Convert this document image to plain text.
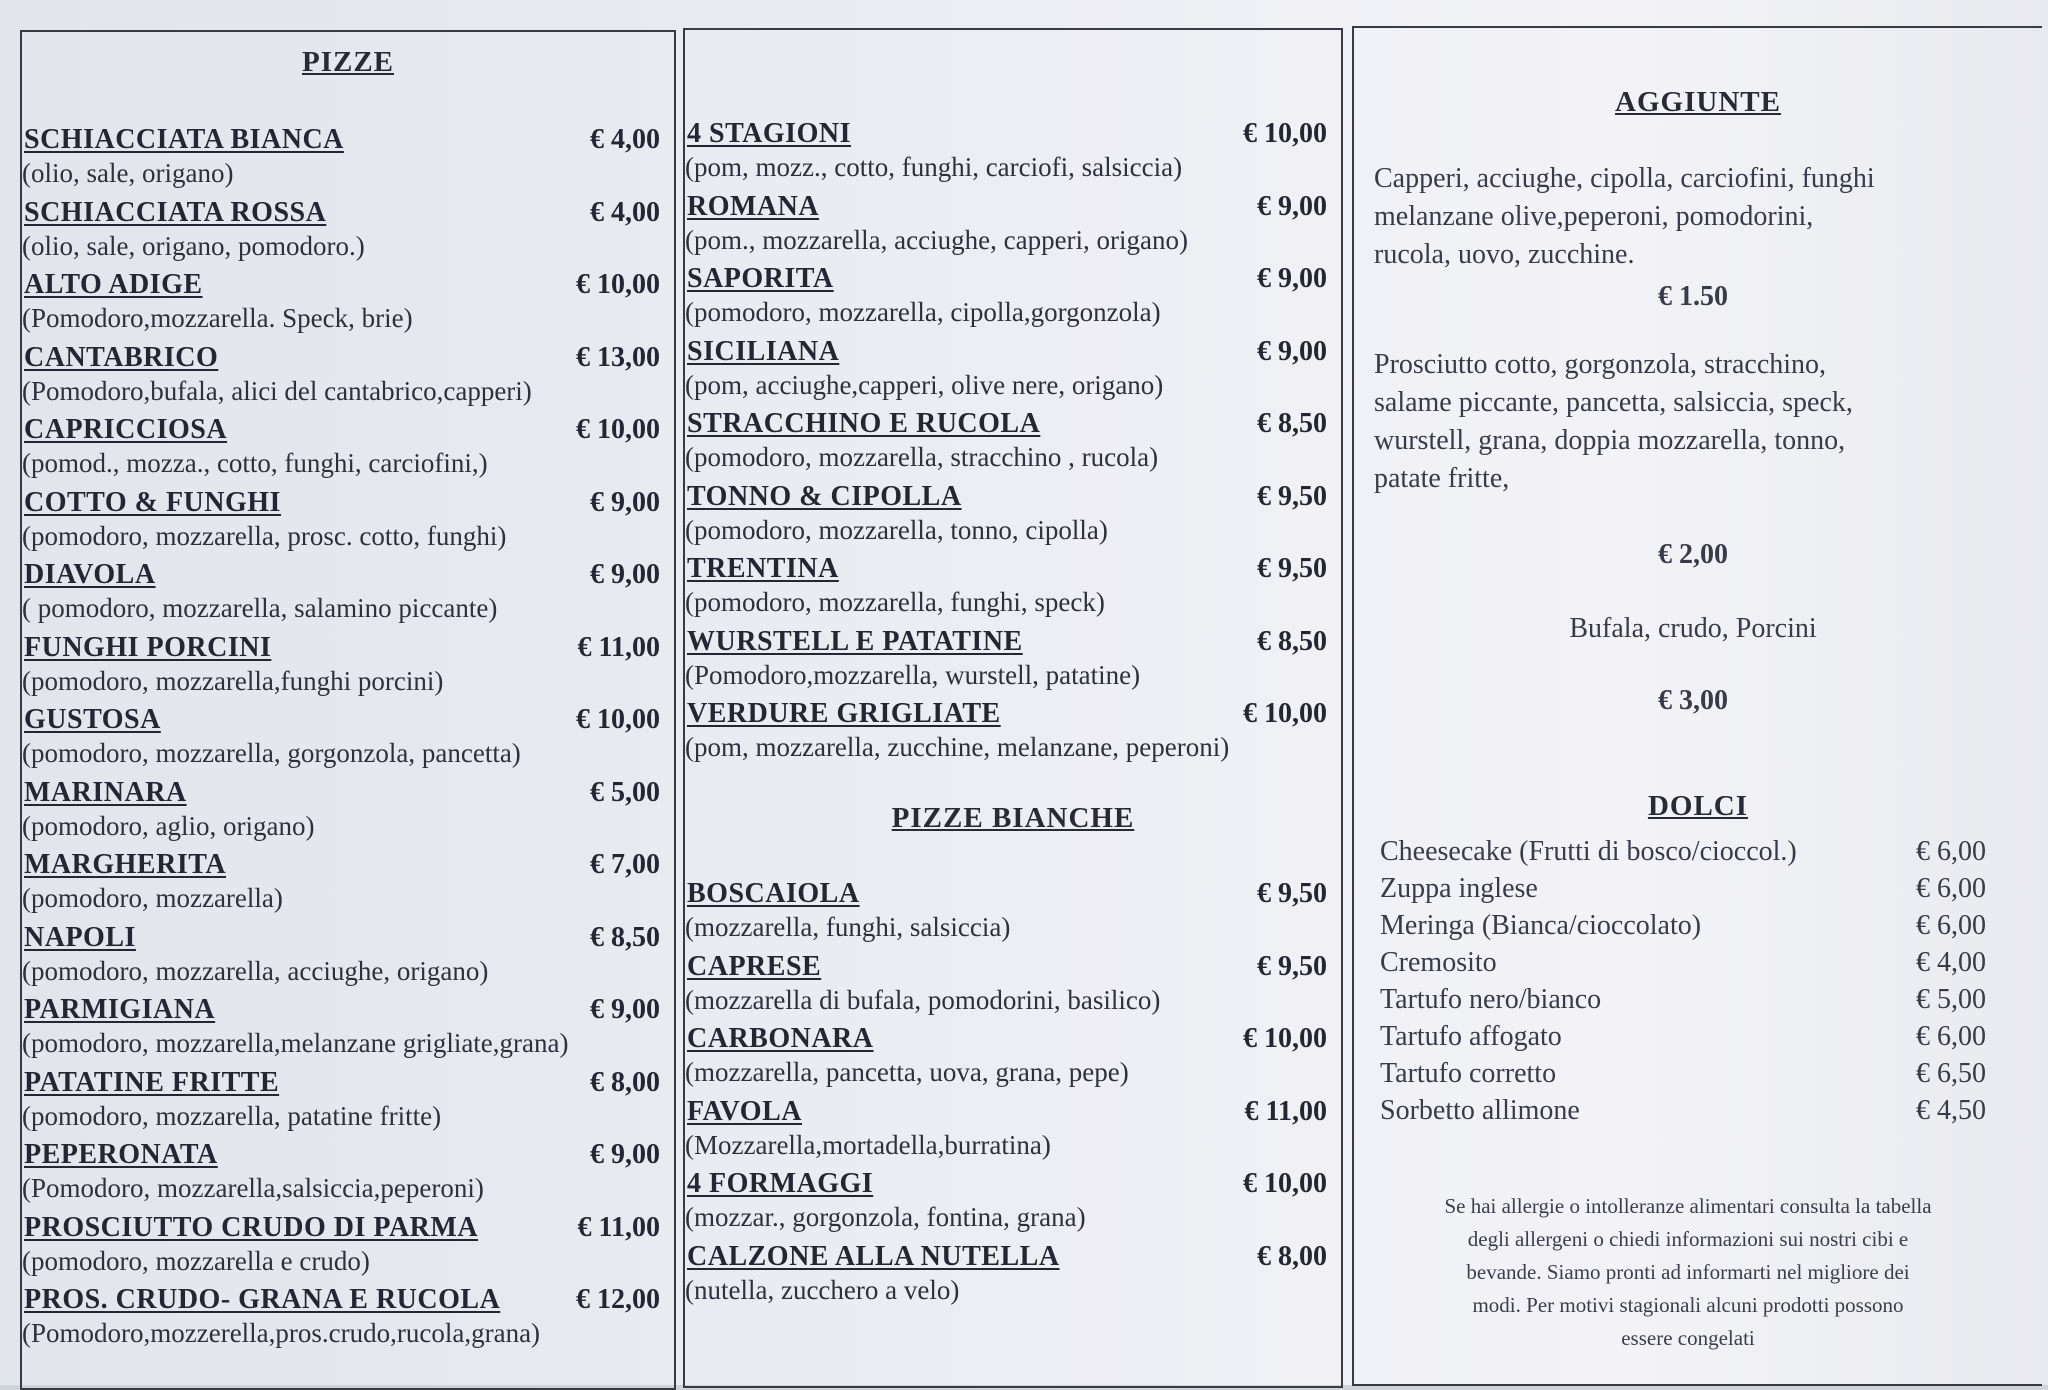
PIZZE
SCHIACCIATA BIANCA	€ 4,00
(olio, sale, origano)
SCHIACCIATA ROSSA	€ 4,00
(olio, sale, origano, pomodoro.)
ALTO ADIGE	€ 10,00
(Pomodoro,mozzarella. Speck, brie)
CANTABRICO	€ 13,00
(Pomodoro,bufala, alici del cantabrico,capperi)
CAPRICCIOSA	€ 10,00
(pomod., mozza., cotto, funghi, carciofini,)
COTTO & FUNGHI	€ 9,00
(pomodoro, mozzarella, prosc. cotto, funghi)
DIAVOLA	€ 9,00
( pomodoro, mozzarella, salamino piccante)
FUNGHI PORCINI	€ 11,00
(pomodoro, mozzarella,funghi porcini)
GUSTOSA	€ 10,00
(pomodoro, mozzarella, gorgonzola, pancetta)
MARINARA	€ 5,00
(pomodoro, aglio, origano)
MARGHERITA	€ 7,00
(pomodoro, mozzarella)
NAPOLI	€ 8,50
(pomodoro, mozzarella, acciughe, origano)
PARMIGIANA	€ 9,00
(pomodoro, mozzarella,melanzane grigliate,grana)
PATATINE FRITTE	€ 8,00
(pomodoro, mozzarella, patatine fritte)
PEPERONATA	€ 9,00
(Pomodoro, mozzarella,salsiccia,peperoni)
PROSCIUTTO CRUDO DI PARMA	€ 11,00
(pomodoro, mozzarella e crudo)
PROS. CRUDO- GRANA E RUCOLA	€ 12,00
(Pomodoro,mozzerella,pros.crudo,rucola,grana)
4 STAGIONI	€ 10,00
(pom, mozz., cotto, funghi, carciofi, salsiccia)
ROMANA	€ 9,00
(pom., mozzarella, acciughe, capperi, origano)
SAPORITA	€ 9,00
(pomodoro, mozzarella, cipolla,gorgonzola)
SICILIANA	€ 9,00
(pom, acciughe,capperi, olive nere, origano)
STRACCHINO E RUCOLA	€ 8,50
(pomodoro, mozzarella, stracchino , rucola)
TONNO & CIPOLLA	€ 9,50
(pomodoro, mozzarella, tonno, cipolla)
TRENTINA	€ 9,50
(pomodoro, mozzarella, funghi, speck)
WURSTELL E PATATINE	€ 8,50
(Pomodoro,mozzarella, wurstell, patatine)
VERDURE GRIGLIATE	€ 10,00
(pom, mozzarella, zucchine, melanzane, peperoni)
PIZZE BIANCHE
BOSCAIOLA	€ 9,50
(mozzarella, funghi, salsiccia)
CAPRESE	€ 9,50
(mozzarella di bufala, pomodorini, basilico)
CARBONARA	€ 10,00
(mozzarella, pancetta, uova, grana, pepe)
FAVOLA	€ 11,00
(Mozzarella,mortadella,burratina)
4 FORMAGGI	€ 10,00
(mozzar., gorgonzola, fontina, grana)
CALZONE ALLA NUTELLA	€ 8,00
(nutella, zucchero a velo)
AGGIUNTE
Capperi, acciughe, cipolla, carciofini, funghi
melanzane olive,peperoni, pomodorini,
rucola, uovo, zucchine.
€ 1.50
Prosciutto cotto, gorgonzola, stracchino,
salame piccante, pancetta, salsiccia, speck,
wurstell, grana, doppia mozzarella, tonno,
patate fritte,
€ 2,00
Bufala, crudo, Porcini
€ 3,00
DOLCI
Cheesecake (Frutti di bosco/cioccol.)	€ 6,00
Zuppa inglese	€ 6,00
Meringa (Bianca/cioccolato)	€ 6,00
Cremosito	€ 4,00
Tartufo nero/bianco	€ 5,00
Tartufo affogato	€ 6,00
Tartufo corretto	€ 6,50
Sorbetto allimone	€ 4,50
Se hai allergie o intolleranze alimentari consulta la tabella
degli allergeni o chiedi informazioni sui nostri cibi e
bevande. Siamo pronti ad informarti nel migliore dei
modi. Per motivi stagionali alcuni prodotti possono
essere congelati
